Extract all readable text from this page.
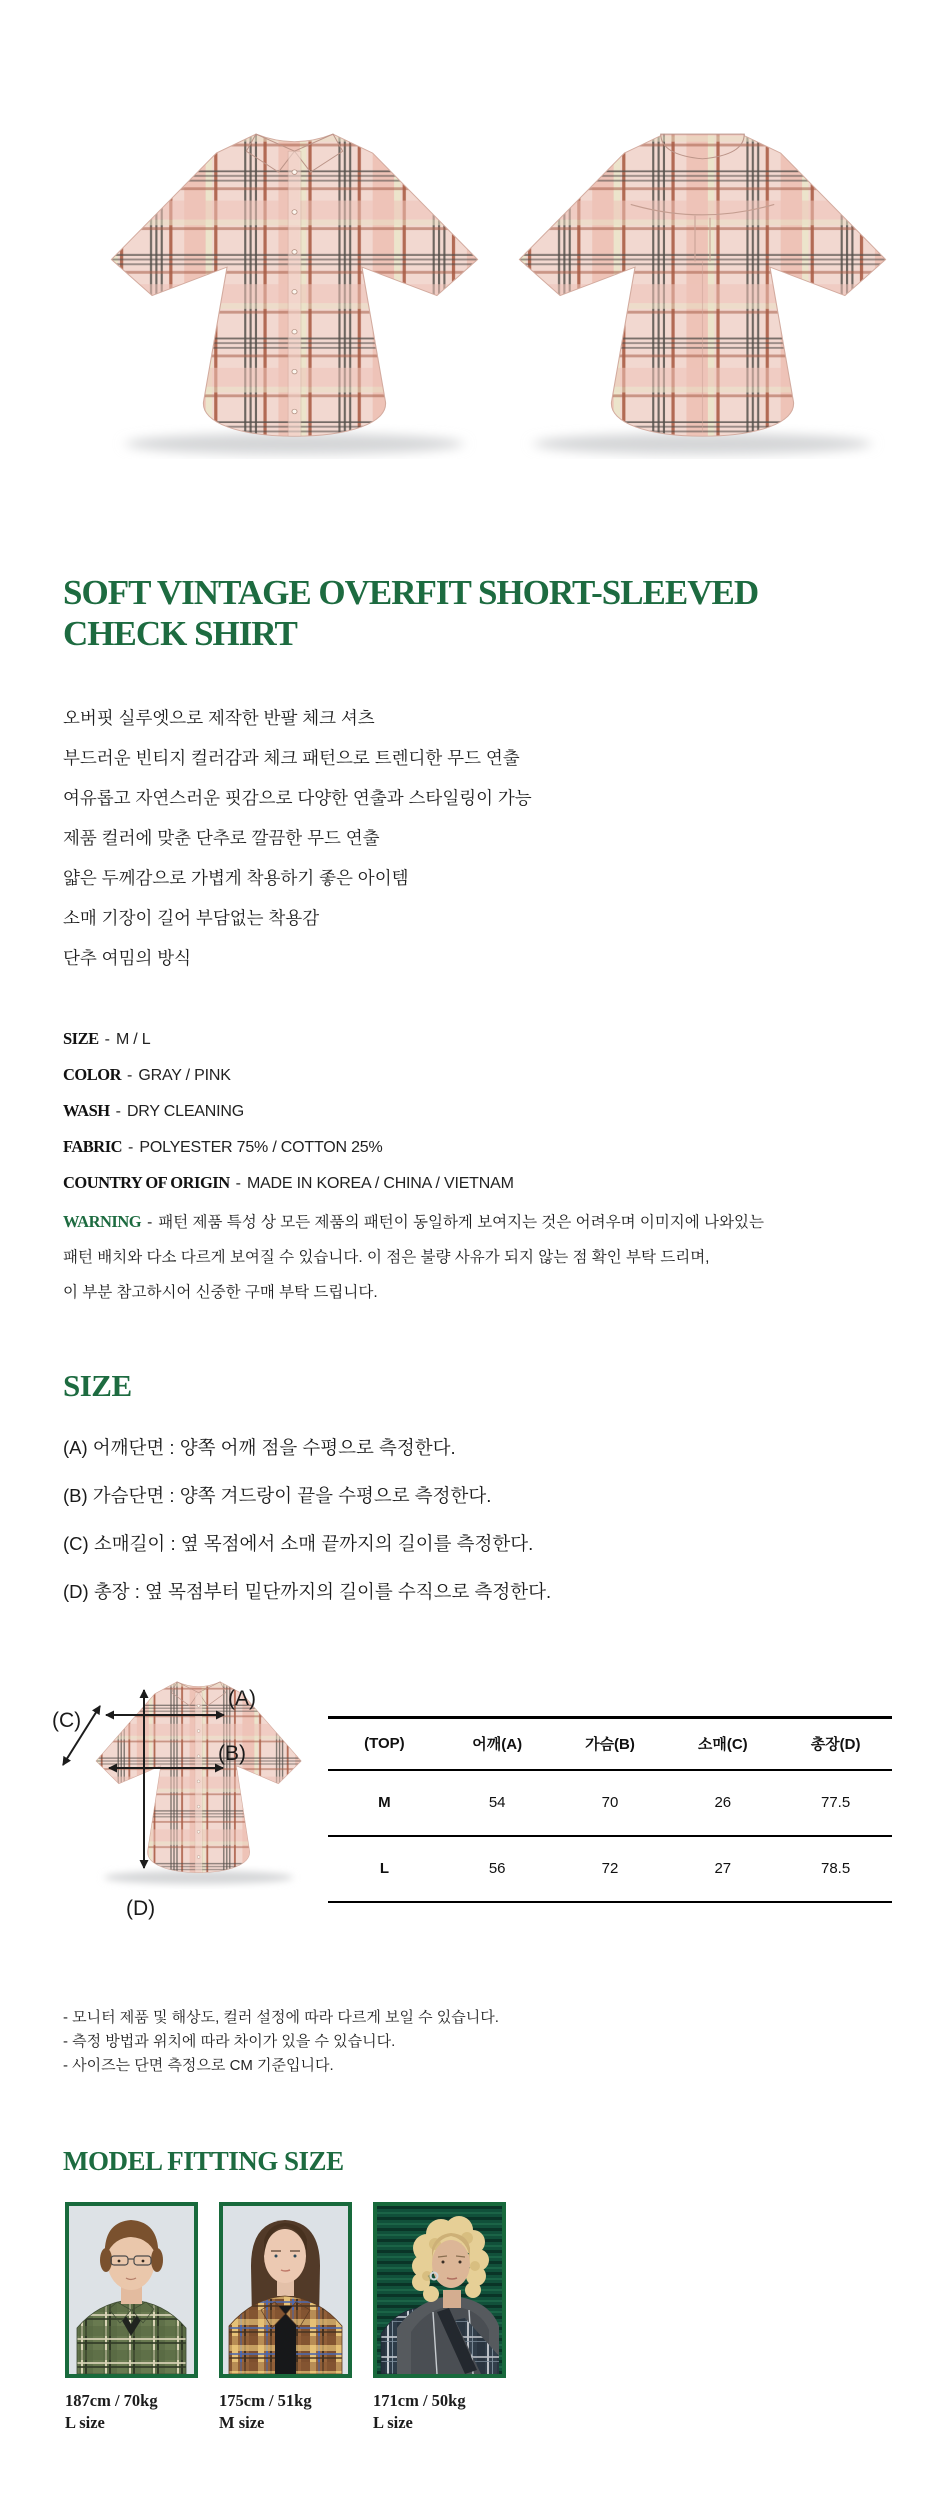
SOFT VINTAGE OVERFIT SHORT-SLEEVED
CHECK SHIRT
오버핏 실루엣으로 제작한 반팔 체크 셔츠
부드러운 빈티지 컬러감과 체크 패턴으로 트렌디한 무드 연출
여유롭고 자연스러운 핏감으로 다양한 연출과 스타일링이 가능
제품 컬러에 맞춘 단추로 깔끔한 무드 연출
얇은 두께감으로 가볍게 착용하기 좋은 아이템
소매 기장이 길어 부담없는 착용감
단추 여밈의 방식
SIZE - M / L
COLOR - GRAY / PINK
WASH - DRY CLEANING
FABRIC - POLYESTER 75% / COTTON 25%
COUNTRY OF ORIGIN - MADE IN KOREA / CHINA / VIETNAM
WARNING - 패턴 제품 특성 상 모든 제품의 패턴이 동일하게 보여지는 것은 어려우며 이미지에 나와있는
패턴 배치와 다소 다르게 보여질 수 있습니다. 이 점은 불량 사유가 되지 않는 점 확인 부탁 드리며,
이 부분 참고하시어 신중한 구매 부탁 드립니다.
SIZE
(A) 어깨단면 : 양쪽 어깨 점을 수평으로 측정한다.
(B) 가슴단면 : 양쪽 겨드랑이 끝을 수평으로 측정한다.
(C) 소매길이 : 옆 목점에서 소매 끝까지의 길이를 측정한다.
(D) 총장 : 옆 목점부터 밑단까지의 길이를 수직으로 측정한다.
(A)
(B)
(C)
(D)
(TOP)	어깨(A)	가슴(B)	소매(C)	총장(D)
M	54	70	26	77.5
L	56	72	27	78.5
- 모니터 제품 및 해상도, 컬러 설정에 따라 다르게 보일 수 있습니다.
- 측정 방법과 위치에 따라 차이가 있을 수 있습니다.
- 사이즈는 단면 측정으로 CM 기준입니다.
MODEL FITTING SIZE
187cm / 70kg
L size
175cm / 51kg
M size
171cm / 50kg
L size
